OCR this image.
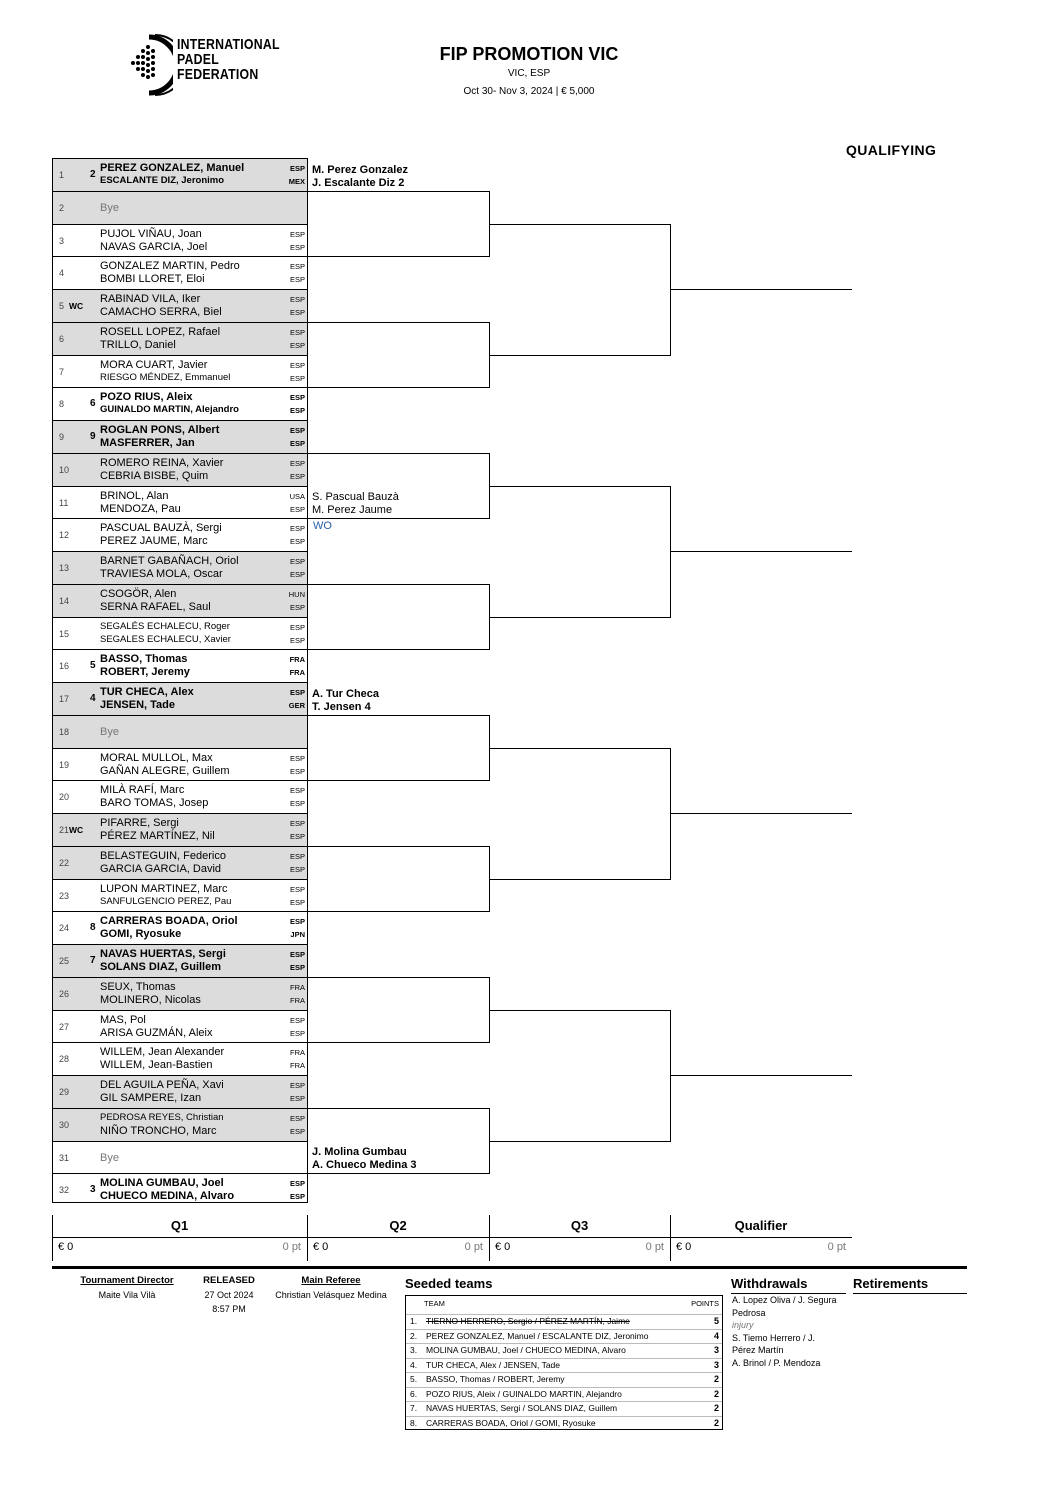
INTERNATIONAL
PADEL
FEDERATION
FIP PROMOTION VIC
VIC, ESP
Oct 30- Nov 3, 2024 | € 5,000
QUALIFYING
1	2
PEREZ GONZALEZ, Manuel	ESP
ESCALANTE DIZ, Jeronimo	MEX
2	Bye
3
PUJOL VIÑAU, Joan	ESP
NAVAS GARCIA, Joel	ESP
4
GONZALEZ MARTIN, Pedro	ESP
BOMBI LLORET, Eloi	ESP
5 WC
RABINAD VILA, Iker	ESP
CAMACHO SERRA, Biel	ESP
6
ROSELL LOPEZ, Rafael	ESP
TRILLO, Daniel	ESP
7
MORA CUART, Javier	ESP
RIESGO MÉNDEZ, Emmanuel	ESP
8	6
POZO RIUS, Aleix	ESP
GUINALDO MARTIN, Alejandro	ESP
9	9
ROGLAN PONS, Albert	ESP
MASFERRER, Jan	ESP
10
ROMERO REINA, Xavier	ESP
CEBRIA BISBE, Quim	ESP
11
BRINOL, Alan	USA
MENDOZA, Pau	ESP
12
PASCUAL BAUZÀ, Sergi	ESP
PEREZ JAUME, Marc	ESP
13
BARNET GABAÑACH, Oriol	ESP
TRAVIESA MOLA, Oscar	ESP
14
CSOGÖR, Alen	HUN
SERNA RAFAEL, Saul	ESP
15
SEGALÉS ECHALECU, Roger	ESP
SEGALES ECHALECU, Xavier	ESP
16 5
BASSO, Thomas	FRA
ROBERT, Jeremy	FRA
17 4
TUR CHECA, Alex	ESP
JENSEN, Tade	GER
18	Bye
19
MORAL MULLOL, Max	ESP
GAÑAN ALEGRE, Guillem	ESP
20
MILÀ RAFÍ, Marc	ESP
BARO TOMAS, Josep	ESP
21 WC
PIFARRE, Sergi	ESP
PÉREZ MARTÍNEZ, Nil	ESP
22
BELASTEGUIN, Federico	ESP
GARCIA GARCIA, David	ESP
23
LUPON MARTINEZ, Marc	ESP
SANFULGENCIO PEREZ, Pau	ESP
24 8
CARRERAS BOADA, Oriol	ESP
GOMI, Ryosuke	JPN
25 7
NAVAS HUERTAS, Sergi	ESP
SOLANS DIAZ, Guillem	ESP
26
SEUX, Thomas	FRA
MOLINERO, Nicolas	FRA
27
MAS, Pol	ESP
ARISA GUZMÁN, Aleix	ESP
28
WILLEM, Jean Alexander	FRA
WILLEM, Jean-Bastien	FRA
29
DEL AGUILA PEÑA, Xavi	ESP
GIL SAMPERE, Izan	ESP
30
PEDROSA REYES, Christian	ESP
NIÑO TRONCHO, Marc	ESP
31	Bye
32 3
MOLINA GUMBAU, Joel	ESP
CHUECO MEDINA, Alvaro	ESP
M. Perez Gonzalez
J. Escalante Diz 2
S. Pascual Bauzà
M. Perez Jaume
WO
A. Tur Checa
T. Jensen 4
J. Molina Gumbau
A. Chueco Medina 3
Q1
€ 0	0 pt
Q2
€ 0	0 pt
Q3
€ 0	0 pt
Qualifier
€ 0	0 pt
Tournament Director
Maite Vila Vilà
RELEASED
27 Oct 2024
8:57 PM
Main Referee
Christian Velásquez Medina
Seeded teams
TEAM	POINTS
1. TIERNO HERRERO, Sergio / PÉREZ MARTÍN, Jaime	5
2. PEREZ GONZALEZ, Manuel / ESCALANTE DIZ, Jeronimo	4
3. MOLINA GUMBAU, Joel / CHUECO MEDINA, Alvaro	3
4. TUR CHECA, Alex / JENSEN, Tade	3
5. BASSO, Thomas / ROBERT, Jeremy	2
6. POZO RIUS, Aleix / GUINALDO MARTIN, Alejandro	2
7. NAVAS HUERTAS, Sergi / SOLANS DIAZ, Guillem	2
8. CARRERAS BOADA, Oriol / GOMI, Ryosuke	2
Withdrawals
A. Lopez Oliva / J. Segura
Pedrosa
injury
S. Tiemo Herrero / J.
Pérez Martín
A. Brinol / P. Mendoza
Retirements
